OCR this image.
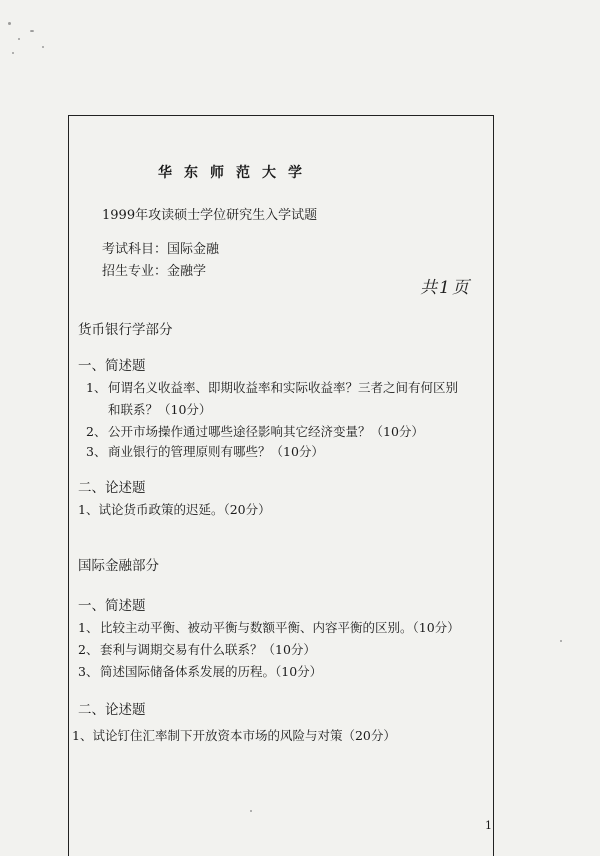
华东师范大学
1999年攻读硕士学位研究生入学试题
考试科目：国际金融
招生专业：金融学
共1页
货币银行学部分
一、简述题
1、 何谓名义收益率、即期收益率和实际收益率？三者之间有何区别
和联系？（10分）
2、 公开市场操作通过哪些途径影响其它经济变量？（10分）
3、 商业银行的管理原则有哪些？（10分）
二、论述题
1、试论货币政策的迟延。（20分）
国际金融部分
一、简述题
1、 比较主动平衡、被动平衡与数额平衡、内容平衡的区别。（10分）
2、 套利与调期交易有什么联系？（10分）
3、 简述国际储备体系发展的历程。（10分）
二、论述题
1、试论钉住汇率制下开放资本市场的风险与对策（20分）
1
